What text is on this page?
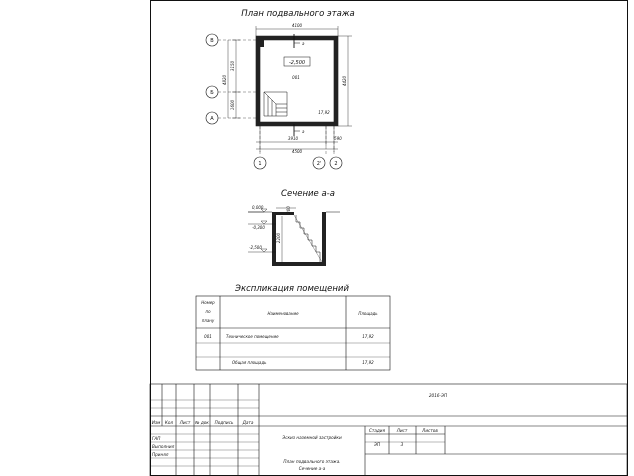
План подвального этажа
4100
3910	590
4500
3150
1600
4820	4420
-2,500
001
17,92
а
а
В
Б
А
1	2'	2
Сечение а-а
0,000
-0,300
-2,500
2200
300
Экспликация помещений
Номер
по
плану
Наименование	Площадь
001	Техническое помещение	17,92
Общая площадь	17,92
2016-ЭП
Изм Кол Лист № док Подпись Дата
ГАП
Выполнил
Принял
Эскиз наземной застройки
Стадия	Лист	Листов
ЭП	3
План подвального этажа.
Сечение а-а
